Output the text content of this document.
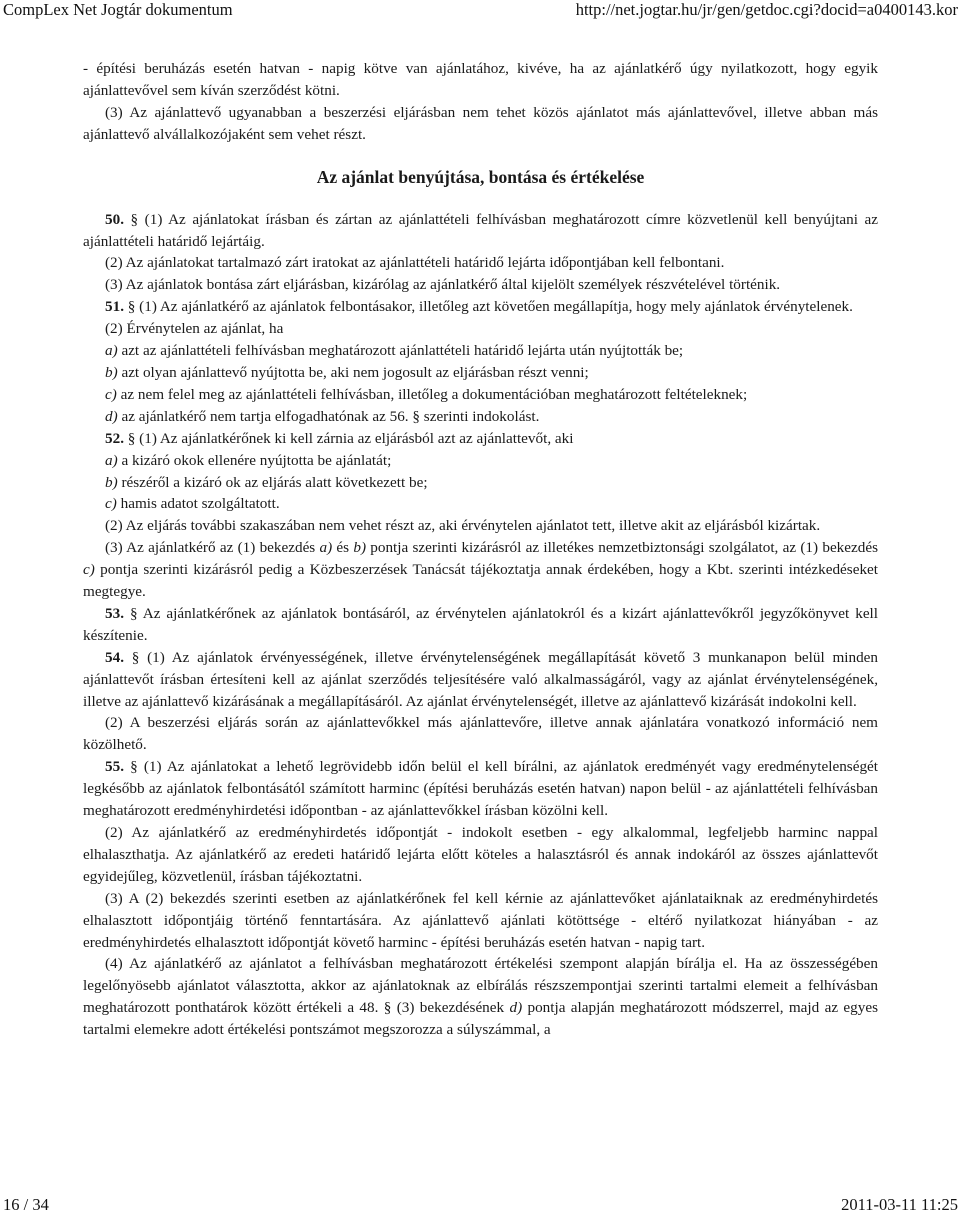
CompLex Net Jogtár dokumentum	http://net.jogtar.hu/jr/gen/getdoc.cgi?docid=a0400143.kor

- építési beruházás esetén hatvan - napig kötve van ajánlatához, kivéve, ha az ajánlatkérő úgy nyilatkozott, hogy egyik ajánlattevővel sem kíván szerződést kötni.

(3) Az ajánlattevő ugyanabban a beszerzési eljárásban nem tehet közös ajánlatot más ajánlattevővel, illetve abban más ajánlattevő alvállalkozójaként sem vehet részt.

Az ajánlat benyújtása, bontása és értékelése

50. § (1) Az ajánlatokat írásban és zártan az ajánlattételi felhívásban meghatározott címre közvetlenül kell benyújtani az ajánlattételi határidő lejártáig.

(2) Az ajánlatokat tartalmazó zárt iratokat az ajánlattételi határidő lejárta időpontjában kell felbontani.

(3) Az ajánlatok bontása zárt eljárásban, kizárólag az ajánlatkérő által kijelölt személyek részvételével történik.

51. § (1) Az ajánlatkérő az ajánlatok felbontásakor, illetőleg azt követően megállapítja, hogy mely ajánlatok érvénytelenek.

(2) Érvénytelen az ajánlat, ha

a) azt az ajánlattételi felhívásban meghatározott ajánlattételi határidő lejárta után nyújtották be;

b) azt olyan ajánlattevő nyújtotta be, aki nem jogosult az eljárásban részt venni;

c) az nem felel meg az ajánlattételi felhívásban, illetőleg a dokumentációban meghatározott feltételeknek;

d) az ajánlatkérő nem tartja elfogadhatónak az 56. § szerinti indokolást.

52. § (1) Az ajánlatkérőnek ki kell zárnia az eljárásból azt az ajánlattevőt, aki

a) a kizáró okok ellenére nyújtotta be ajánlatát;

b) részéről a kizáró ok az eljárás alatt következett be;

c) hamis adatot szolgáltatott.

(2) Az eljárás további szakaszában nem vehet részt az, aki érvénytelen ajánlatot tett, illetve akit az eljárásból kizártak.

(3) Az ajánlatkérő az (1) bekezdés a) és b) pontja szerinti kizárásról az illetékes nemzetbiztonsági szolgálatot, az (1) bekezdés c) pontja szerinti kizárásról pedig a Közbeszerzések Tanácsát tájékoztatja annak érdekében, hogy a Kbt. szerinti intézkedéseket megtegye.

53. § Az ajánlatkérőnek az ajánlatok bontásáról, az érvénytelen ajánlatokról és a kizárt ajánlattevőkről jegyzőkönyvet kell készítenie.

54. § (1) Az ajánlatok érvényességének, illetve érvénytelenségének megállapítását követő 3 munkanapon belül minden ajánlattevőt írásban értesíteni kell az ajánlat szerződés teljesítésére való alkalmasságáról, vagy az ajánlat érvénytelenségének, illetve az ajánlattevő kizárásának a megállapításáról. Az ajánlat érvénytelenségét, illetve az ajánlattevő kizárását indokolni kell.

(2) A beszerzési eljárás során az ajánlattevőkkel más ajánlattevőre, illetve annak ajánlatára vonatkozó információ nem közölhető.

55. § (1) Az ajánlatokat a lehető legrövidebb időn belül el kell bírálni, az ajánlatok eredményét vagy eredménytelenségét legkésőbb az ajánlatok felbontásától számított harminc (építési beruházás esetén hatvan) napon belül - az ajánlattételi felhívásban meghatározott eredményhirdetési időpontban - az ajánlattevőkkel írásban közölni kell.

(2) Az ajánlatkérő az eredményhirdetés időpontját - indokolt esetben - egy alkalommal, legfeljebb harminc nappal elhalaszthatja. Az ajánlatkérő az eredeti határidő lejárta előtt köteles a halasztásról és annak indokáról az összes ajánlattevőt egyidejűleg, közvetlenül, írásban tájékoztatni.

(3) A (2) bekezdés szerinti esetben az ajánlatkérőnek fel kell kérnie az ajánlattevőket ajánlataiknak az eredményhirdetés elhalasztott időpontjáig történő fenntartására. Az ajánlattevő ajánlati kötöttsége - eltérő nyilatkozat hiányában - az eredményhirdetés elhalasztott időpontját követő harminc - építési beruházás esetén hatvan - napig tart.

(4) Az ajánlatkérő az ajánlatot a felhívásban meghatározott értékelési szempont alapján bírálja el. Ha az összességében legelőnyösebb ajánlatot választotta, akkor az ajánlatoknak az elbírálás részszempontjai szerinti tartalmi elemeit a felhívásban meghatározott ponthatárok között értékeli a 48. § (3) bekezdésének d) pontja alapján meghatározott módszerrel, majd az egyes tartalmi elemekre adott értékelési pontszámot megszorozza a súlyszámmal, a

16 / 34	2011-03-11 11:25
